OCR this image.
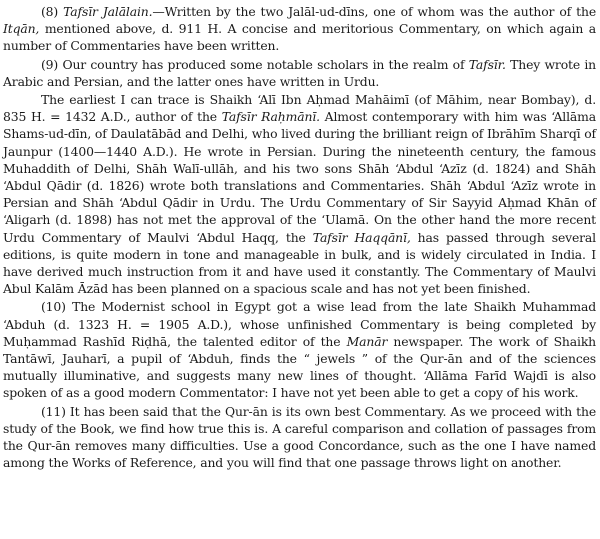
(8) Tafsīr Jalālain.—Written by the two Jalāl-ud-dīns, one of whom was the author of the Itqān, mentioned above, d. 911 H. A concise and meritorious Commentary, on which again a number of Commentaries have been written.

(9) Our country has produced some notable scholars in the realm of Tafsīr. They wrote in Arabic and Persian, and the latter ones have written in Urdu.

The earliest I can trace is Shaikh ʻAlī Ibn Aḥmad Mahāimī (of Māhim, near Bombay), d. 835 H. = 1432 A.D., author of the Tafsīr Raḥmānī. Almost contemporary with him was ʻAllāma Shams-ud-dīn, of Daulatābād and Delhi, who lived during the brilliant reign of Ibrāhīm Sharqī of Jaunpur (1400—1440 A.D.). He wrote in Persian. During the nineteenth century, the famous Muhaddith of Delhi, Shāh Walī-ullāh, and his two sons Shāh ʻAbdul ʻAzīz (d. 1824) and Shāh ʻAbdul Qādir (d. 1826) wrote both translations and Commentaries. Shāh ʻAbdul ʻAzīz wrote in Persian and Shāh ʻAbdul Qādir in Urdu. The Urdu Commentary of Sir Sayyid Aḥmad Khān of ʻAligarh (d. 1898) has not met the approval of the ʻUlamā. On the other hand the more recent Urdu Commentary of Maulvi ʻAbdul Haqq, the Tafsīr Haqqānī, has passed through several editions, is quite modern in tone and manageable in bulk, and is widely circulated in India. I have derived much instruction from it and have used it constantly. The Commentary of Maulvi Abul Kalām Āzād has been planned on a spacious scale and has not yet been finished.

(10) The Modernist school in Egypt got a wise lead from the late Shaikh Muhammad ʻAbduh (d. 1323 H. = 1905 A.D.), whose unfinished Commentary is being completed by Muḥammad Rashīd Riḍhā, the talented editor of the Manār newspaper. The work of Shaikh Tantāwī, Jauharī, a pupil of ʻAbduh, finds the “ jewels ” of the Qur-ān and of the sciences mutually illuminative, and suggests many new lines of thought. ʻAllāma Farīd Wajdī is also spoken of as a good modern Commentator: I have not yet been able to get a copy of his work.

(11) It has been said that the Qur-ān is its own best Commentary. As we proceed with the study of the Book, we find how true this is. A careful comparison and collation of passages from the Qur-ān removes many difficulties. Use a good Concordance, such as the one I have named among the Works of Reference, and you will find that one passage throws light on another.
